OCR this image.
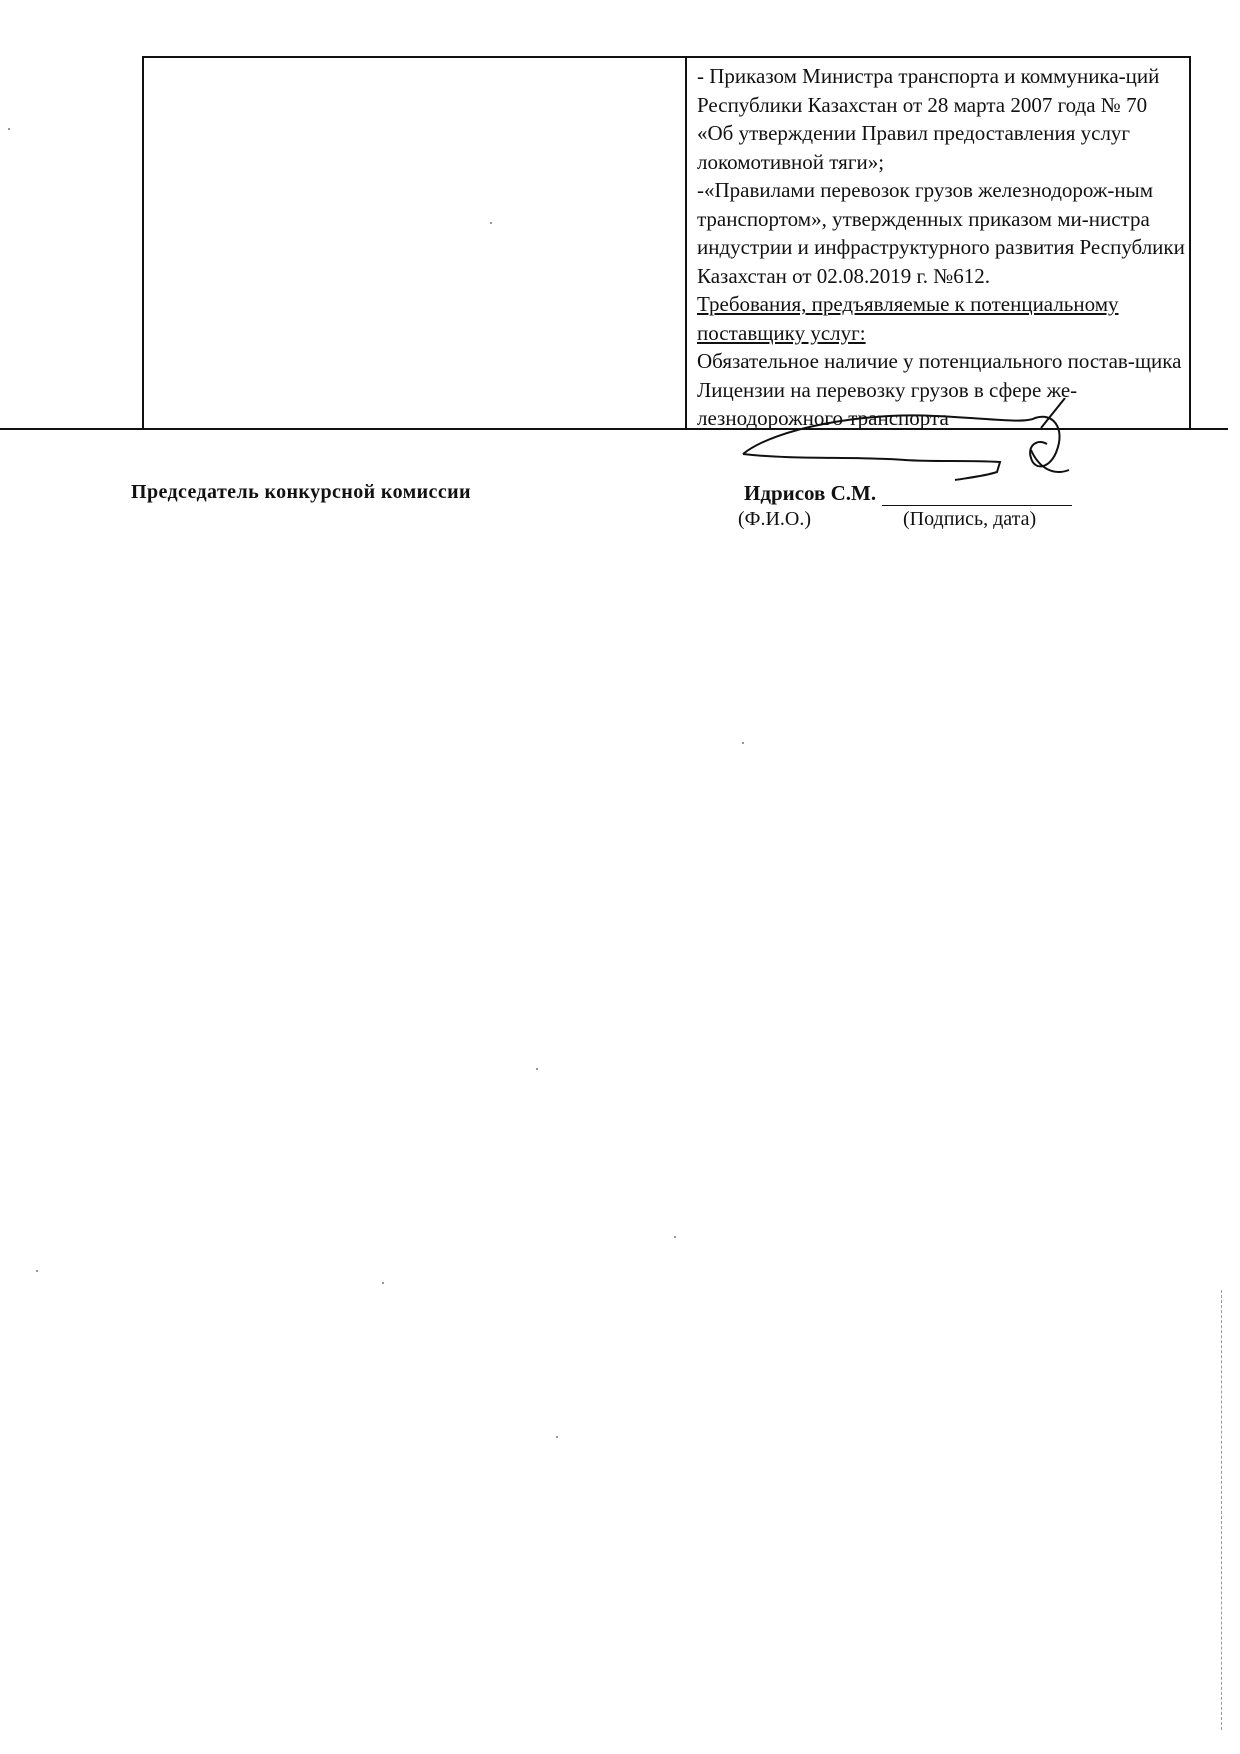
- Приказом Министра транспорта и коммуника-ций Республики Казахстан от 28 марта 2007 года № 70 «Об утверждении Правил предоставления услуг локомотивной тяги»;

-«Правилами перевозок грузов железнодорож-ным транспортом», утвержденных приказом ми-нистра индустрии и инфраструктурного развития Республики Казахстан от 02.08.2019 г. №612.

Требования, предъявляемые к потенциальному поставщику услуг:

Обязательное наличие у потенциального постав-щика Лицензии на перевозку грузов в сфере же-лезнодорожного транспорта

Председатель конкурсной комиссии	Идрисов С.М.
(Ф.И.О.)	(Подпись, дата)
